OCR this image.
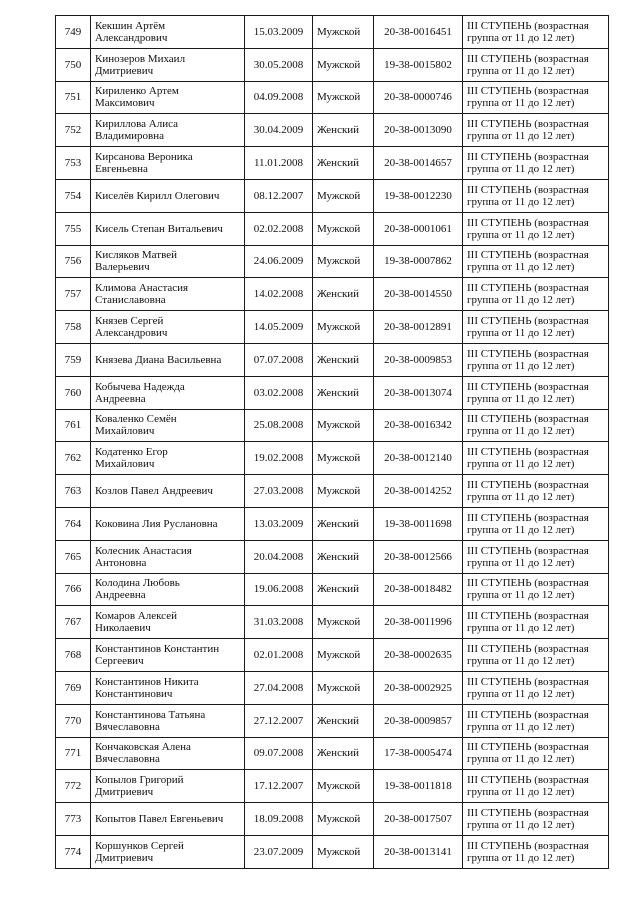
749	Кекшин Артём
Александрович	15.03.2009	Мужской	20-38-0016451	III СТУПЕНЬ (возрастная
группа от 11 до 12 лет)

750	Кинозеров Михаил
Дмитриевич	30.05.2008	Мужской	19-38-0015802	III СТУПЕНЬ (возрастная
группа от 11 до 12 лет)

751	Кириленко Артем
Максимович	04.09.2008	Мужской	20-38-0000746	III СТУПЕНЬ (возрастная
группа от 11 до 12 лет)

752	Кириллова Алиса
Владимировна	30.04.2009	Женский	20-38-0013090	III СТУПЕНЬ (возрастная
группа от 11 до 12 лет)

753	Кирсанова Вероника
Евгеньевна	11.01.2008	Женский	20-38-0014657	III СТУПЕНЬ (возрастная
группа от 11 до 12 лет)

754	Киселёв Кирилл Олегович	08.12.2007	Мужской	19-38-0012230	III СТУПЕНЬ (возрастная
группа от 11 до 12 лет)

755	Кисель Степан Витальевич	02.02.2008	Мужской	20-38-0001061	III СТУПЕНЬ (возрастная
группа от 11 до 12 лет)

756	Кисляков Матвей
Валерьевич	24.06.2009	Мужской	19-38-0007862	III СТУПЕНЬ (возрастная
группа от 11 до 12 лет)

757	Климова Анастасия
Станиславовна	14.02.2008	Женский	20-38-0014550	III СТУПЕНЬ (возрастная
группа от 11 до 12 лет)

758	Князев Сергей
Александрович	14.05.2009	Мужской	20-38-0012891	III СТУПЕНЬ (возрастная
группа от 11 до 12 лет)

759	Князева Диана Васильевна	07.07.2008	Женский	20-38-0009853	III СТУПЕНЬ (возрастная
группа от 11 до 12 лет)

760	Кобычева Надежда
Андреевна	03.02.2008	Женский	20-38-0013074	III СТУПЕНЬ (возрастная
группа от 11 до 12 лет)

761	Коваленко Семён
Михайлович	25.08.2008	Мужской	20-38-0016342	III СТУПЕНЬ (возрастная
группа от 11 до 12 лет)

762	Кодатенко Егор
Михайлович	19.02.2008	Мужской	20-38-0012140	III СТУПЕНЬ (возрастная
группа от 11 до 12 лет)

763	Козлов Павел Андреевич	27.03.2008	Мужской	20-38-0014252	III СТУПЕНЬ (возрастная
группа от 11 до 12 лет)

764	Коковина Лия Руслановна	13.03.2009	Женский	19-38-0011698	III СТУПЕНЬ (возрастная
группа от 11 до 12 лет)

765	Колесник Анастасия
Антоновна	20.04.2008	Женский	20-38-0012566	III СТУПЕНЬ (возрастная
группа от 11 до 12 лет)

766	Колодина Любовь
Андреевна	19.06.2008	Женский	20-38-0018482	III СТУПЕНЬ (возрастная
группа от 11 до 12 лет)

767	Комаров Алексей
Николаевич	31.03.2008	Мужской	20-38-0011996	III СТУПЕНЬ (возрастная
группа от 11 до 12 лет)

768	Константинов Константин
Сергеевич	02.01.2008	Мужской	20-38-0002635	III СТУПЕНЬ (возрастная
группа от 11 до 12 лет)

769	Константинов Никита
Константинович	27.04.2008	Мужской	20-38-0002925	III СТУПЕНЬ (возрастная
группа от 11 до 12 лет)

770	Константинова Татьяна
Вячеславовна	27.12.2007	Женский	20-38-0009857	III СТУПЕНЬ (возрастная
группа от 11 до 12 лет)

771	Кончаковская Алена
Вячеславовна	09.07.2008	Женский	17-38-0005474	III СТУПЕНЬ (возрастная
группа от 11 до 12 лет)

772	Копылов Григорий
Дмитриевич	17.12.2007	Мужской	19-38-0011818	III СТУПЕНЬ (возрастная
группа от 11 до 12 лет)

773	Копытов Павел Евгеньевич	18.09.2008	Мужской	20-38-0017507	III СТУПЕНЬ (возрастная
группа от 11 до 12 лет)

774	Коршунков Сергей
Дмитриевич	23.07.2009	Мужской	20-38-0013141	III СТУПЕНЬ (возрастная
группа от 11 до 12 лет)
